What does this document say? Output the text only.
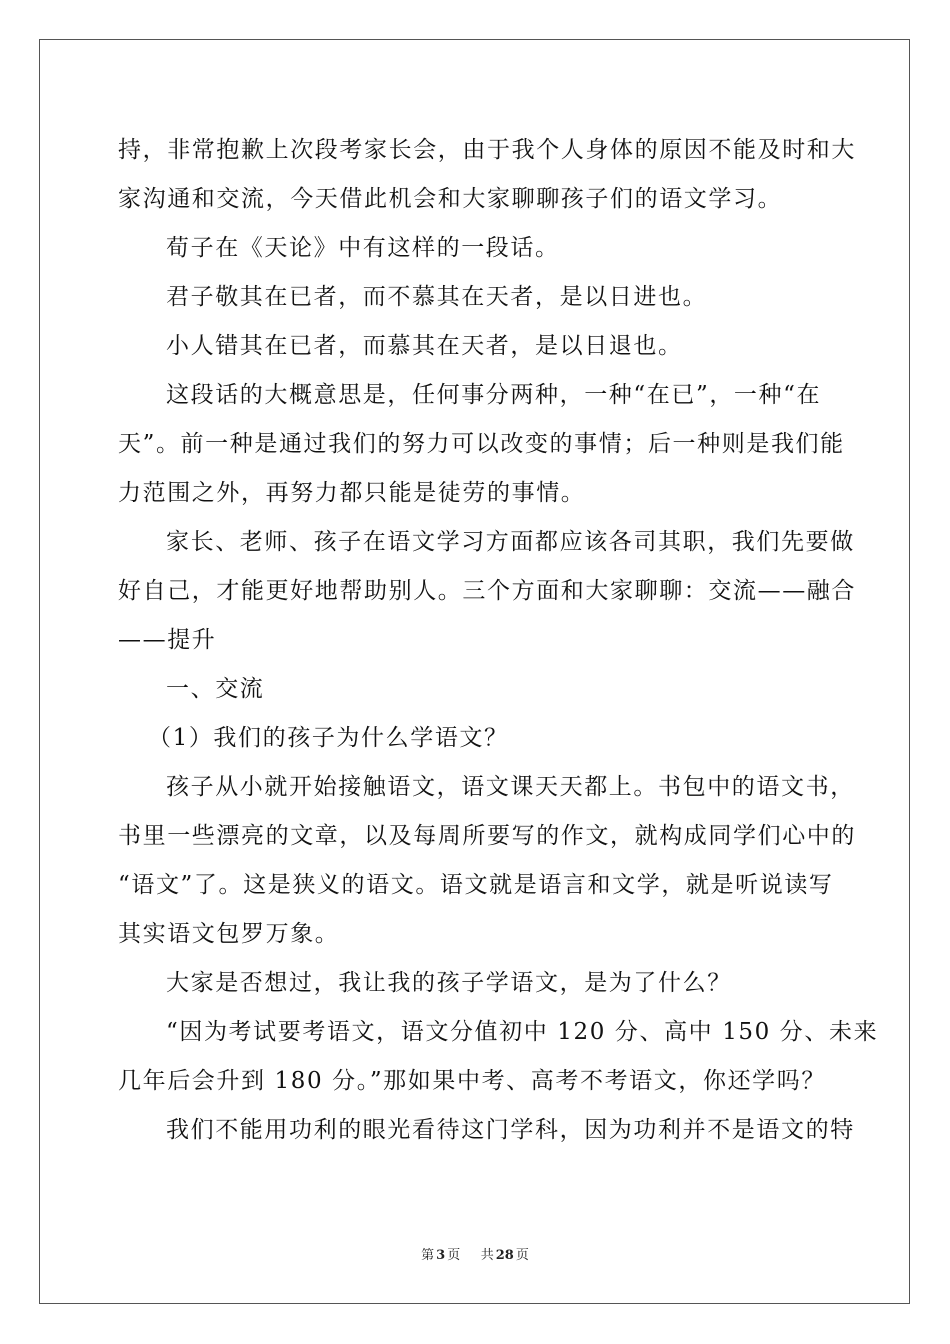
持，非常抱歉上次段考家长会，由于我个人身体的原因不能及时和大
家沟通和交流，今天借此机会和大家聊聊孩子们的语文学习。
荀子在《天论》中有这样的一段话。
君子敬其在已者，而不慕其在天者，是以日进也。
小人错其在已者，而慕其在天者，是以日退也。
这段话的大概意思是，任何事分两种，一种“在已”，一种“在
天”。前一种是通过我们的努力可以改变的事情；后一种则是我们能
力范围之外，再努力都只能是徒劳的事情。
家长、老师、孩子在语文学习方面都应该各司其职，我们先要做
好自己，才能更好地帮助别人。三个方面和大家聊聊：交流——融合
——提升
一、交流
（1）我们的孩子为什么学语文？
孩子从小就开始接触语文，语文课天天都上。书包中的语文书，
书里一些漂亮的文章，以及每周所要写的作文，就构成同学们心中的
“语文”了。这是狭义的语文。语文就是语言和文学，就是听说读写
其实语文包罗万象。
大家是否想过，我让我的孩子学语文，是为了什么？
“因为考试要考语文，语文分值初中 120 分、高中 150 分、未来
几年后会升到 180 分。”那如果中考、高考不考语文，你还学吗？
我们不能用功利的眼光看待这门学科，因为功利并不是语文的特
第 3 页 共 28 页
